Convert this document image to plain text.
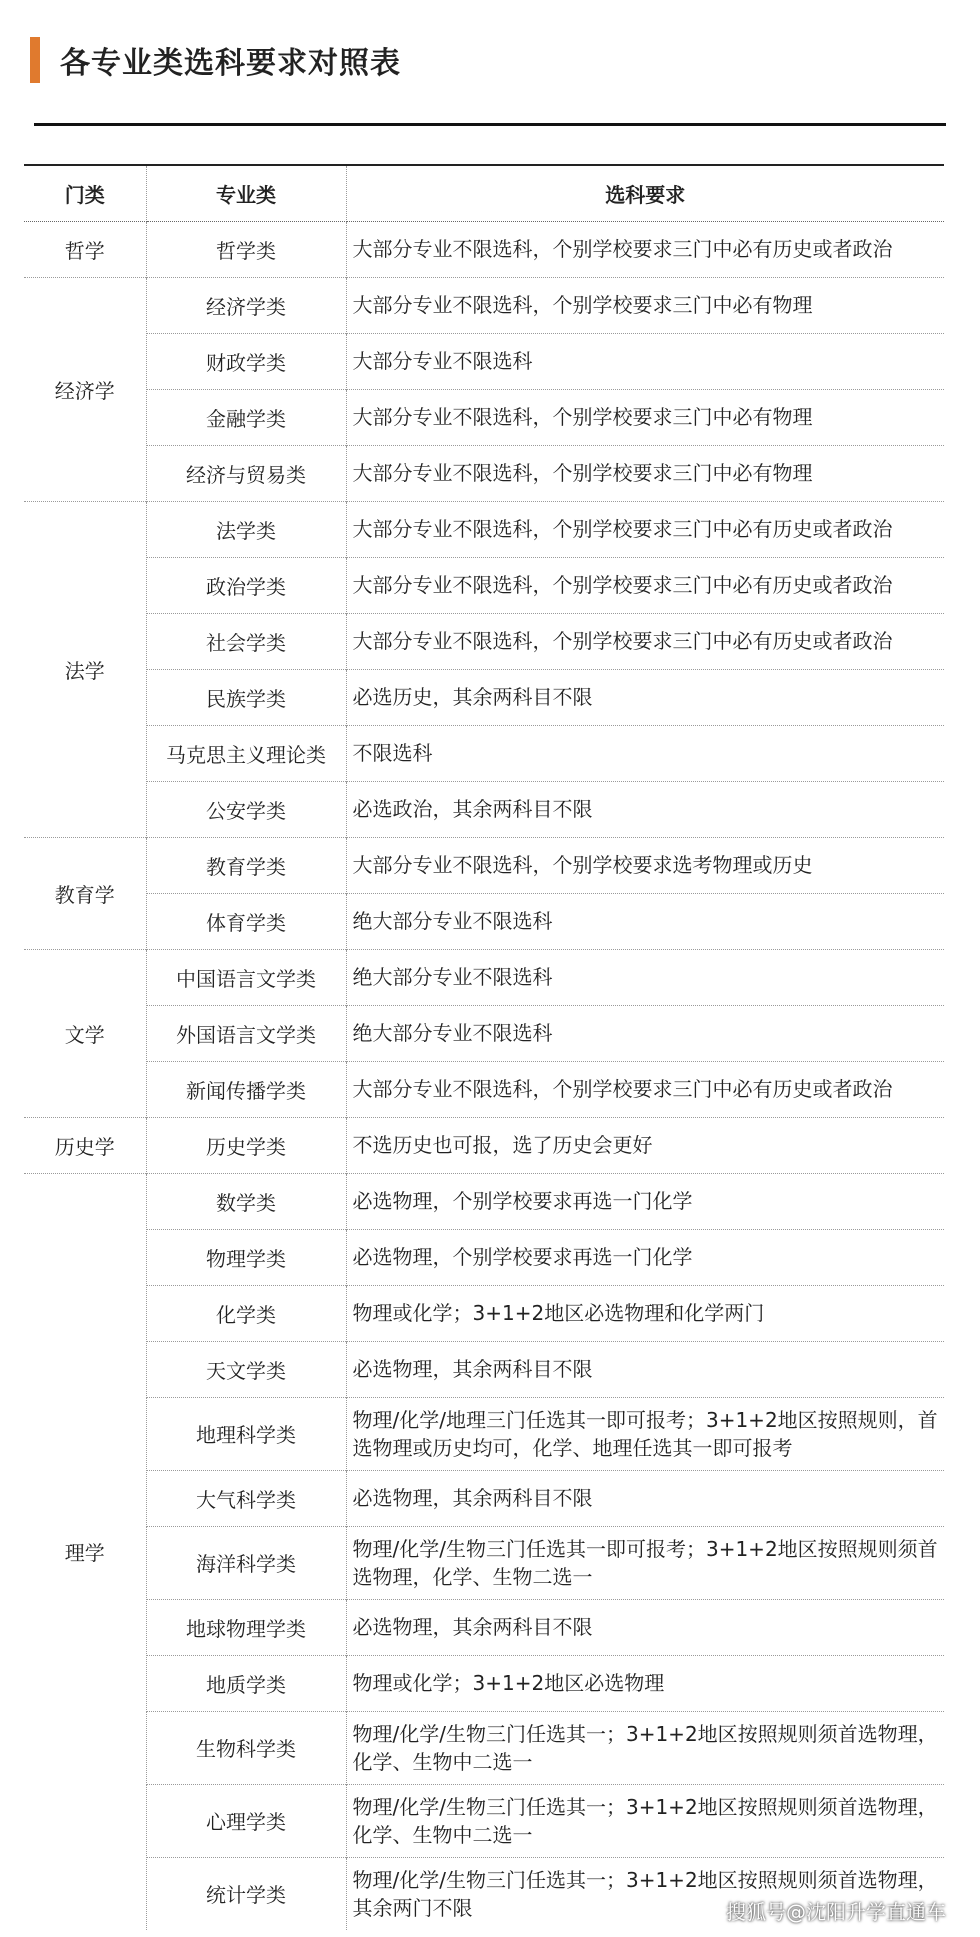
各专业类选科要求对照表
门类	专业类	选科要求
哲学	哲学类	大部分专业不限选科，个别学校要求三门中必有历史或者政治
经济学	经济学类	大部分专业不限选科，个别学校要求三门中必有物理
	财政学类	大部分专业不限选科
	金融学类	大部分专业不限选科，个别学校要求三门中必有物理
	经济与贸易类	大部分专业不限选科，个别学校要求三门中必有物理
法学	法学类	大部分专业不限选科，个别学校要求三门中必有历史或者政治
	政治学类	大部分专业不限选科，个别学校要求三门中必有历史或者政治
	社会学类	大部分专业不限选科，个别学校要求三门中必有历史或者政治
	民族学类	必选历史，其余两科目不限
	马克思主义理论类	不限选科
	公安学类	必选政治，其余两科目不限
教育学	教育学类	大部分专业不限选科，个别学校要求选考物理或历史
	体育学类	绝大部分专业不限选科
文学	中国语言文学类	绝大部分专业不限选科
	外国语言文学类	绝大部分专业不限选科
	新闻传播学类	大部分专业不限选科，个别学校要求三门中必有历史或者政治
历史学	历史学类	不选历史也可报，选了历史会更好
理学	数学类	必选物理，个别学校要求再选一门化学
	物理学类	必选物理，个别学校要求再选一门化学
	化学类	物理或化学；3+1+2地区必选物理和化学两门
	天文学类	必选物理，其余两科目不限
	地理科学类	物理/化学/地理三门任选其一即可报考；3+1+2地区按照规则，首选物理或历史均可，化学、地理任选其一即可报考
	大气科学类	必选物理，其余两科目不限
	海洋科学类	物理/化学/生物三门任选其一即可报考；3+1+2地区按照规则须首选物理，化学、生物二选一
	地球物理学类	必选物理，其余两科目不限
	地质学类	物理或化学；3+1+2地区必选物理
	生物科学类	物理/化学/生物三门任选其一；3+1+2地区按照规则须首选物理，化学、生物中二选一
	心理学类	物理/化学/生物三门任选其一；3+1+2地区按照规则须首选物理，化学、生物中二选一
	统计学类	物理/化学/生物三门任选其一；3+1+2地区按照规则须首选物理，其余两门不限	搜狐号@沈阳升学直通车
